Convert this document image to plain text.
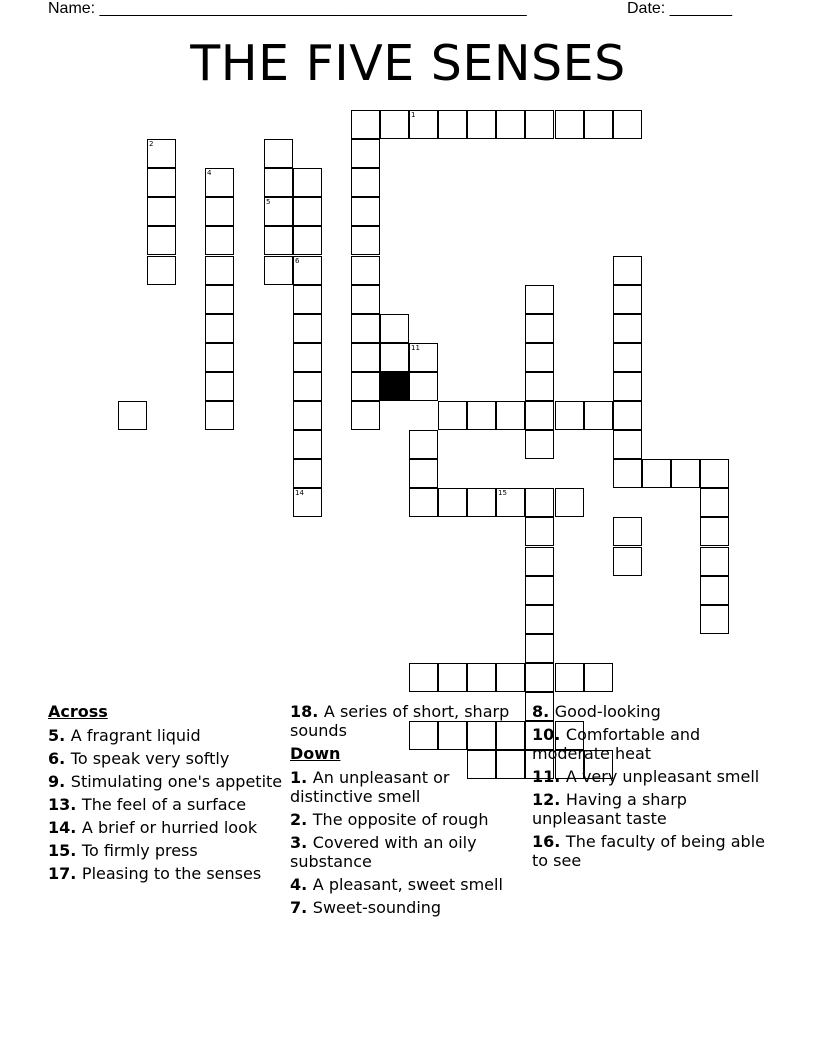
Name: ________________________________________________	Date: _______
THE FIVE SENSES
1
2
4
5
6
14
11
15
Across
5. A fragrant liquid
6. To speak very softly
9. Stimulating one's appetite
13. The feel of a surface
14. A brief or hurried look
15. To firmly press
17. Pleasing to the senses
18. A series of short, sharp sounds
Down
1. An unpleasant or distinctive smell
2. The opposite of rough
3. Covered with an oily substance
4. A pleasant, sweet smell
7. Sweet-sounding
8. Good-looking
10. Comfortable and moderate heat
11. A very unpleasant smell
12. Having a sharp unpleasant taste
16. The faculty of being able to see
